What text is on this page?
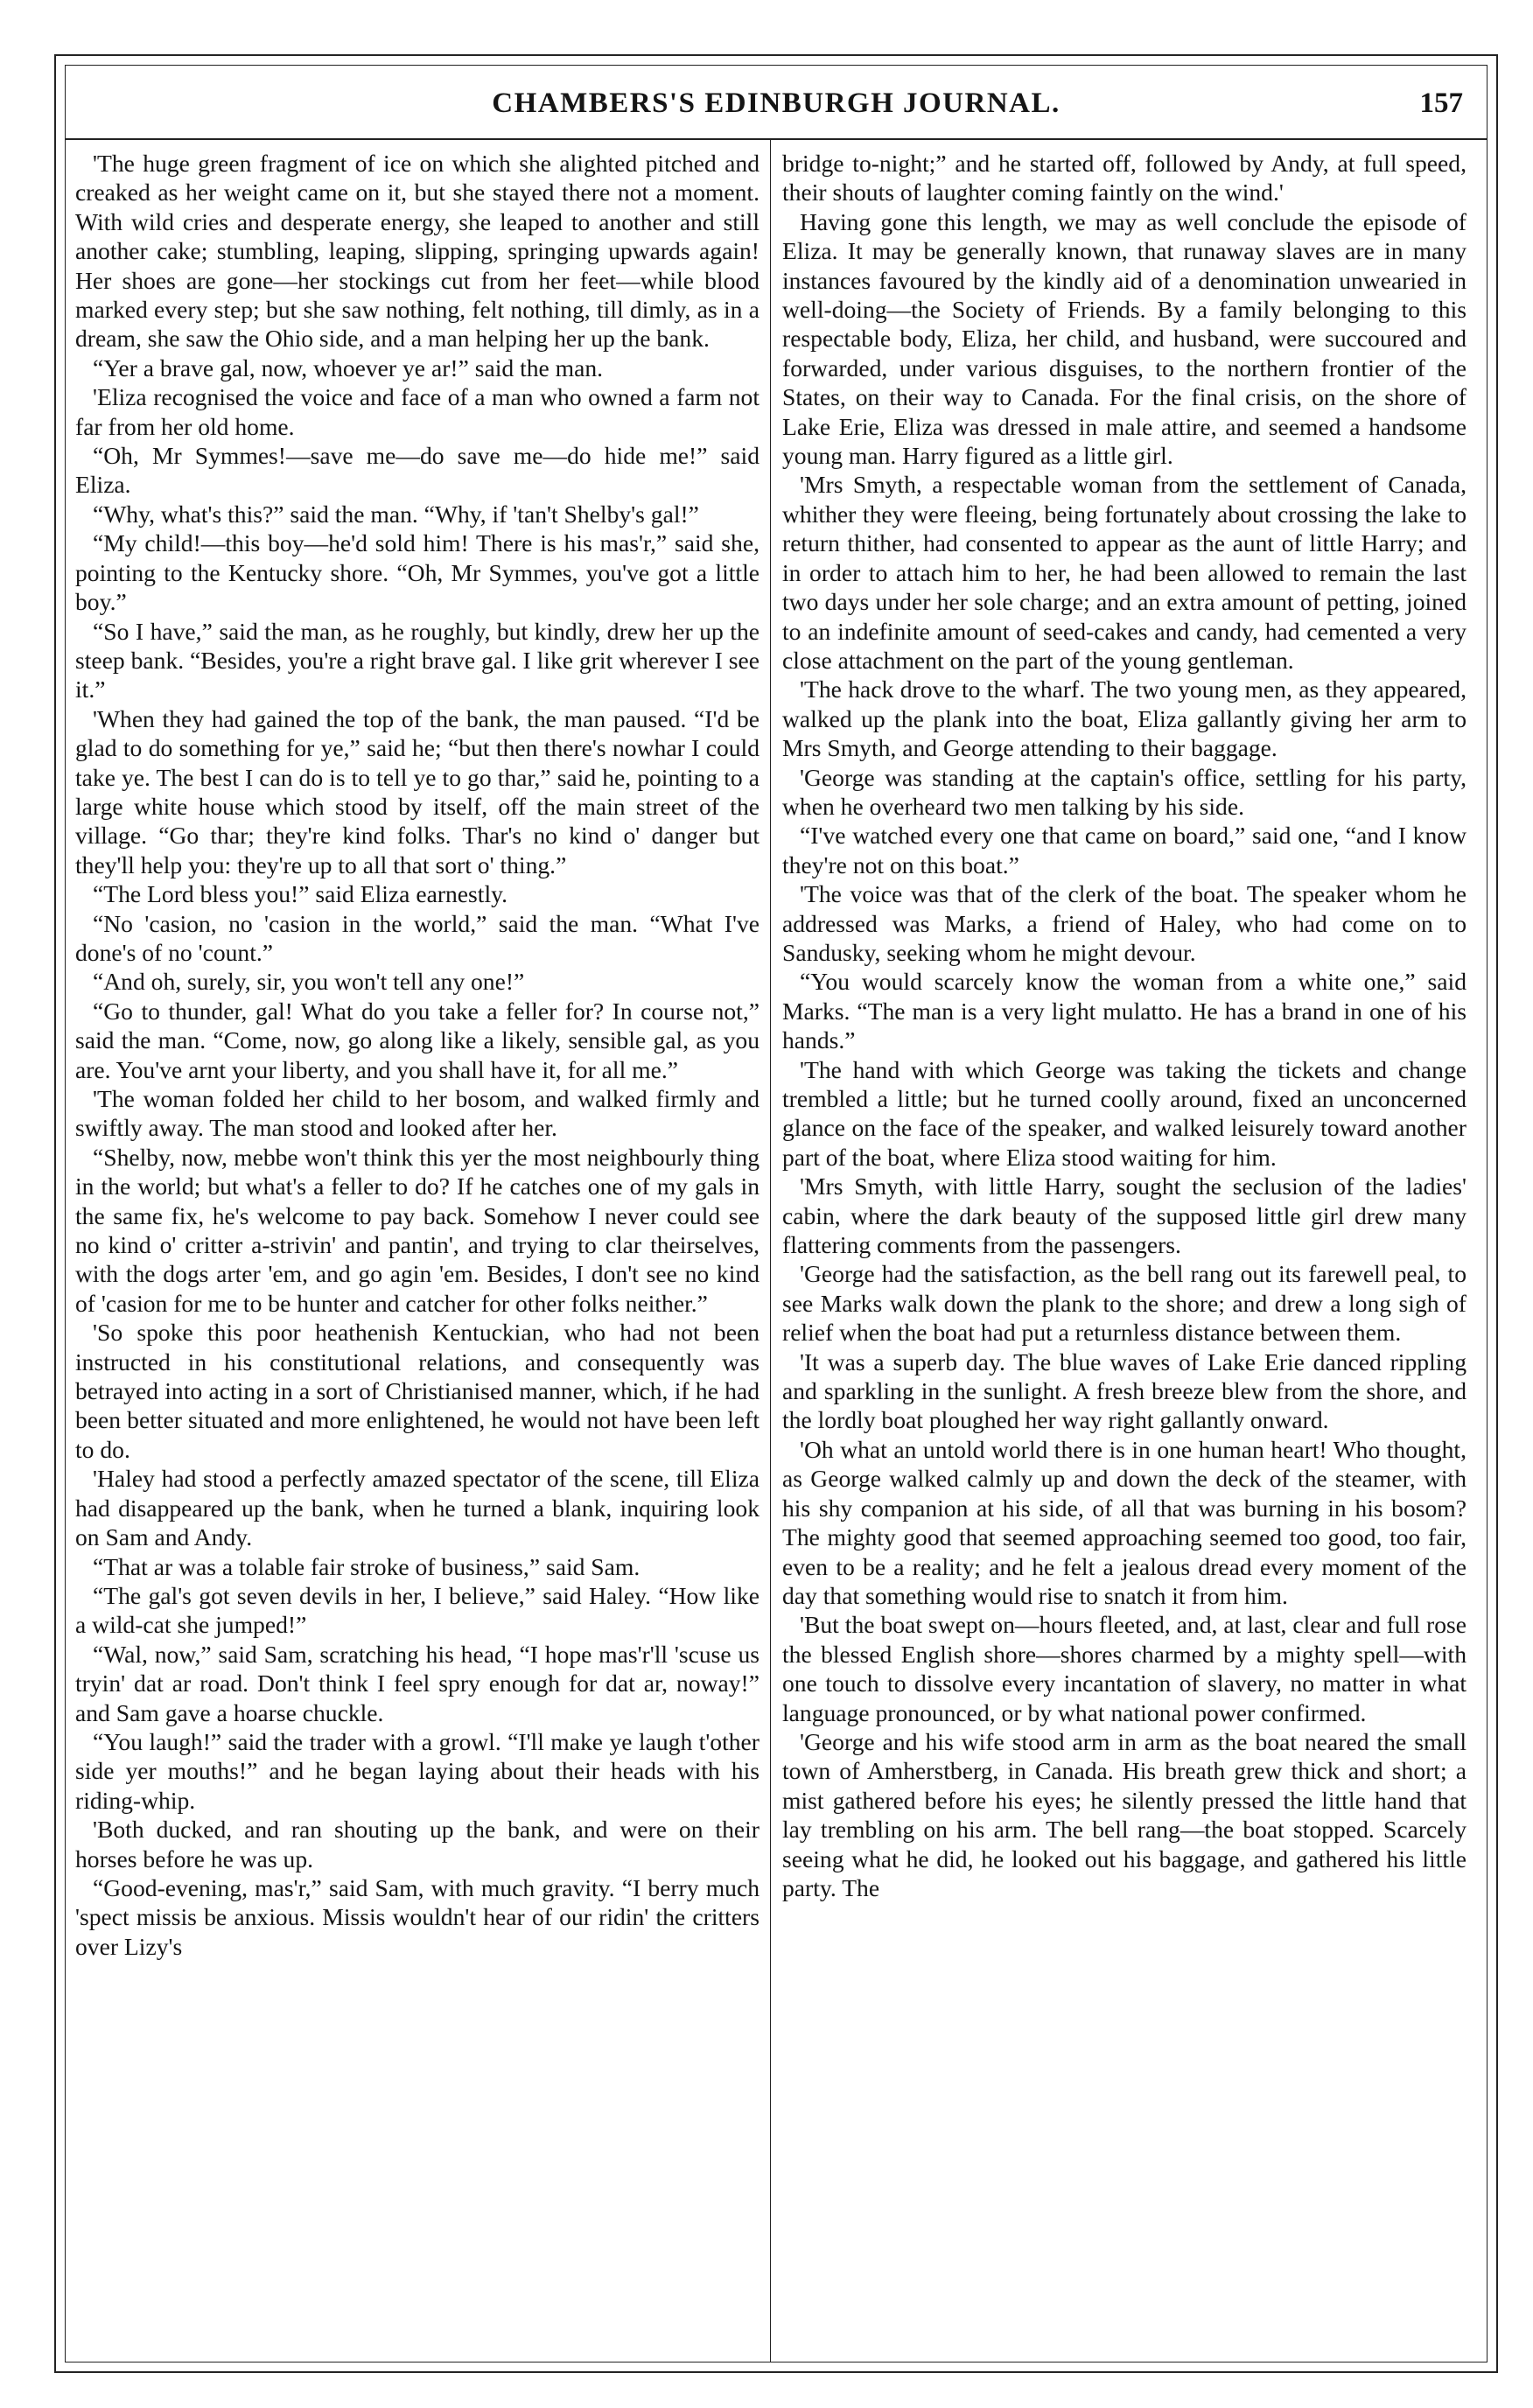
CHAMBERS'S EDINBURGH JOURNAL.	157

'The huge green fragment of ice on which she alighted pitched and creaked as her weight came on it, but she stayed there not a moment. With wild cries and desperate energy, she leaped to another and still another cake; stumbling, leaping, slipping, springing upwards again! Her shoes are gone—her stockings cut from her feet—while blood marked every step; but she saw nothing, felt nothing, till dimly, as in a dream, she saw the Ohio side, and a man helping her up the bank.

“Yer a brave gal, now, whoever ye ar!” said the man.

'Eliza recognised the voice and face of a man who owned a farm not far from her old home.

“Oh, Mr Symmes!—save me—do save me—do hide me!” said Eliza.

“Why, what's this?” said the man. “Why, if 'tan't Shelby's gal!”

“My child!—this boy—he'd sold him! There is his mas'r,” said she, pointing to the Kentucky shore. “Oh, Mr Symmes, you've got a little boy.”

“So I have,” said the man, as he roughly, but kindly, drew her up the steep bank. “Besides, you're a right brave gal. I like grit wherever I see it.”

'When they had gained the top of the bank, the man paused. “I'd be glad to do something for ye,” said he; “but then there's nowhar I could take ye. The best I can do is to tell ye to go thar,” said he, pointing to a large white house which stood by itself, off the main street of the village. “Go thar; they're kind folks. Thar's no kind o' danger but they'll help you: they're up to all that sort o' thing.”

“The Lord bless you!” said Eliza earnestly.

“No 'casion, no 'casion in the world,” said the man. “What I've done's of no 'count.”

“And oh, surely, sir, you won't tell any one!”

“Go to thunder, gal! What do you take a feller for? In course not,” said the man. “Come, now, go along like a likely, sensible gal, as you are. You've arnt your liberty, and you shall have it, for all me.”

'The woman folded her child to her bosom, and walked firmly and swiftly away. The man stood and looked after her.

“Shelby, now, mebbe won't think this yer the most neighbourly thing in the world; but what's a feller to do? If he catches one of my gals in the same fix, he's welcome to pay back. Somehow I never could see no kind o' critter a-strivin' and pantin', and trying to clar theirselves, with the dogs arter 'em, and go agin 'em. Besides, I don't see no kind of 'casion for me to be hunter and catcher for other folks neither.”

'So spoke this poor heathenish Kentuckian, who had not been instructed in his constitutional relations, and consequently was betrayed into acting in a sort of Christianised manner, which, if he had been better situated and more enlightened, he would not have been left to do.

'Haley had stood a perfectly amazed spectator of the scene, till Eliza had disappeared up the bank, when he turned a blank, inquiring look on Sam and Andy.

“That ar was a tolable fair stroke of business,” said Sam.

“The gal's got seven devils in her, I believe,” said Haley. “How like a wild-cat she jumped!”

“Wal, now,” said Sam, scratching his head, “I hope mas'r'll 'scuse us tryin' dat ar road. Don't think I feel spry enough for dat ar, noway!” and Sam gave a hoarse chuckle.

“You laugh!” said the trader with a growl. “I'll make ye laugh t'other side yer mouths!” and he began laying about their heads with his riding-whip.

'Both ducked, and ran shouting up the bank, and were on their horses before he was up.

“Good-evening, mas'r,” said Sam, with much gravity. “I berry much 'spect missis be anxious. Missis wouldn't hear of our ridin' the critters over Lizy's

bridge to-night;” and he started off, followed by Andy, at full speed, their shouts of laughter coming faintly on the wind.'

Having gone this length, we may as well conclude the episode of Eliza. It may be generally known, that runaway slaves are in many instances favoured by the kindly aid of a denomination unwearied in well-doing—the Society of Friends. By a family belonging to this respectable body, Eliza, her child, and husband, were succoured and forwarded, under various disguises, to the northern frontier of the States, on their way to Canada. For the final crisis, on the shore of Lake Erie, Eliza was dressed in male attire, and seemed a handsome young man. Harry figured as a little girl.

'Mrs Smyth, a respectable woman from the settlement of Canada, whither they were fleeing, being fortunately about crossing the lake to return thither, had consented to appear as the aunt of little Harry; and in order to attach him to her, he had been allowed to remain the last two days under her sole charge; and an extra amount of petting, joined to an indefinite amount of seed-cakes and candy, had cemented a very close attachment on the part of the young gentleman.

'The hack drove to the wharf. The two young men, as they appeared, walked up the plank into the boat, Eliza gallantly giving her arm to Mrs Smyth, and George attending to their baggage.

'George was standing at the captain's office, settling for his party, when he overheard two men talking by his side.

“I've watched every one that came on board,” said one, “and I know they're not on this boat.”

'The voice was that of the clerk of the boat. The speaker whom he addressed was Marks, a friend of Haley, who had come on to Sandusky, seeking whom he might devour.

“You would scarcely know the woman from a white one,” said Marks. “The man is a very light mulatto. He has a brand in one of his hands.”

'The hand with which George was taking the tickets and change trembled a little; but he turned coolly around, fixed an unconcerned glance on the face of the speaker, and walked leisurely toward another part of the boat, where Eliza stood waiting for him.

'Mrs Smyth, with little Harry, sought the seclusion of the ladies' cabin, where the dark beauty of the supposed little girl drew many flattering comments from the passengers.

'George had the satisfaction, as the bell rang out its farewell peal, to see Marks walk down the plank to the shore; and drew a long sigh of relief when the boat had put a returnless distance between them.

'It was a superb day. The blue waves of Lake Erie danced rippling and sparkling in the sunlight. A fresh breeze blew from the shore, and the lordly boat ploughed her way right gallantly onward.

'Oh what an untold world there is in one human heart! Who thought, as George walked calmly up and down the deck of the steamer, with his shy companion at his side, of all that was burning in his bosom? The mighty good that seemed approaching seemed too good, too fair, even to be a reality; and he felt a jealous dread every moment of the day that something would rise to snatch it from him.

'But the boat swept on—hours fleeted, and, at last, clear and full rose the blessed English shore—shores charmed by a mighty spell—with one touch to dissolve every incantation of slavery, no matter in what language pronounced, or by what national power confirmed.

'George and his wife stood arm in arm as the boat neared the small town of Amherstberg, in Canada. His breath grew thick and short; a mist gathered before his eyes; he silently pressed the little hand that lay trembling on his arm. The bell rang—the boat stopped. Scarcely seeing what he did, he looked out his baggage, and gathered his little party. The
